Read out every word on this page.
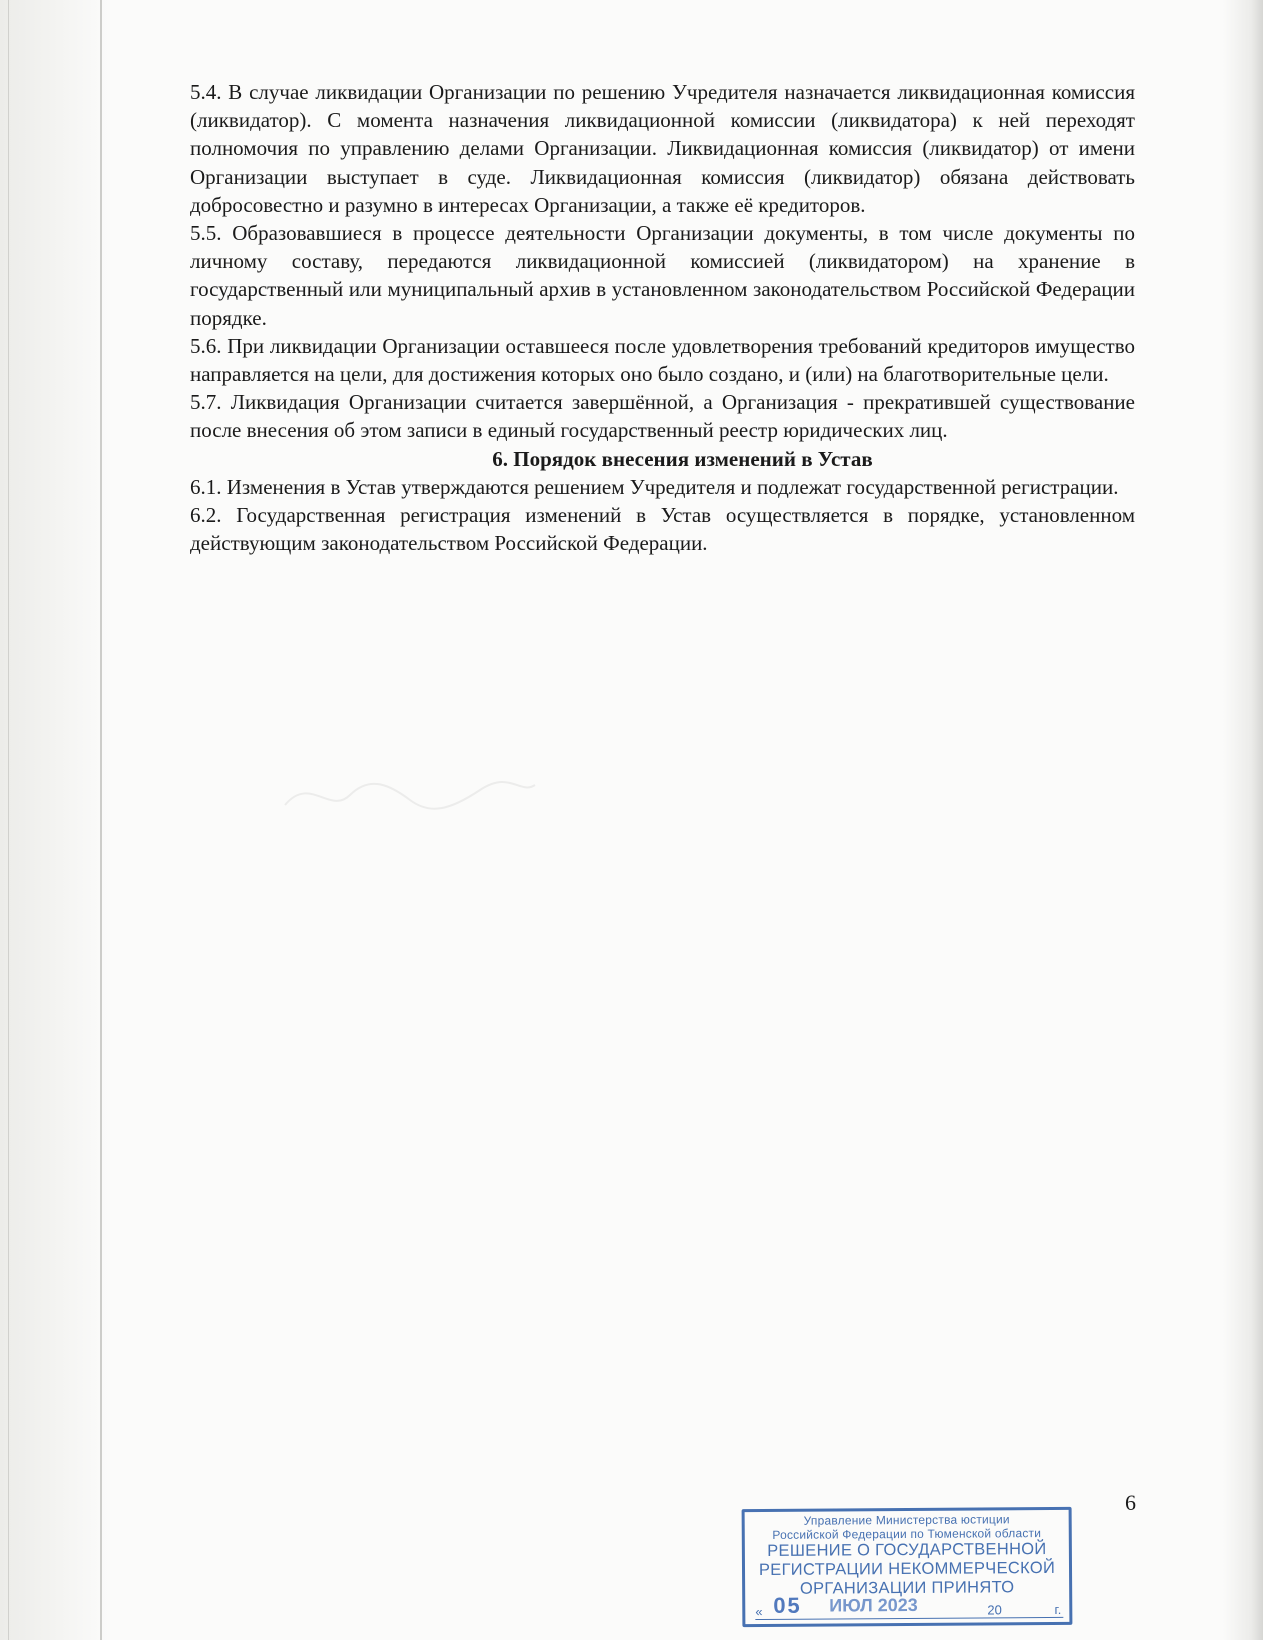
5.4. В случае ликвидации Организации по решению Учредителя назначается ликвидационная комиссия (ликвидатор). С момента назначения ликвидационной комиссии (ликвидатора) к ней переходят полномочия по управлению делами Организации. Ликвидационная комиссия (ликвидатор) от имени Организации выступает в суде. Ликвидационная комиссия (ликвидатор) обязана действовать добросовестно и разумно в интересах Организации, а также её кредиторов.

5.5. Образовавшиеся в процессе деятельности Организации документы, в том числе документы по личному составу, передаются ликвидационной комиссией (ликвидатором) на хранение в государственный или муниципальный архив в установленном законодательством Российской Федерации порядке.

5.6. При ликвидации Организации оставшееся после удовлетворения требований кредиторов имущество направляется на цели, для достижения которых оно было создано, и (или) на благотворительные цели.

5.7. Ликвидация Организации считается завершённой, а Организация - прекратившей существование после внесения об этом записи в единый государственный реестр юридических лиц.

6. Порядок внесения изменений в Устав

6.1. Изменения в Устав утверждаются решением Учредителя и подлежат государственной регистрации.

6.2. Государственная регистрация изменений в Устав осуществляется в порядке, установленном действующим законодательством Российской Федерации.

6
Управление Министерства юстиции
Российской Федерации по Тюменской области
РЕШЕНИЕ О ГОСУДАРСТВЕННОЙ
РЕГИСТРАЦИИ НЕКОММЕРЧЕСКОЙ
ОРГАНИЗАЦИИ ПРИНЯТО
« 05 ИЮЛ 2023	20	г.
